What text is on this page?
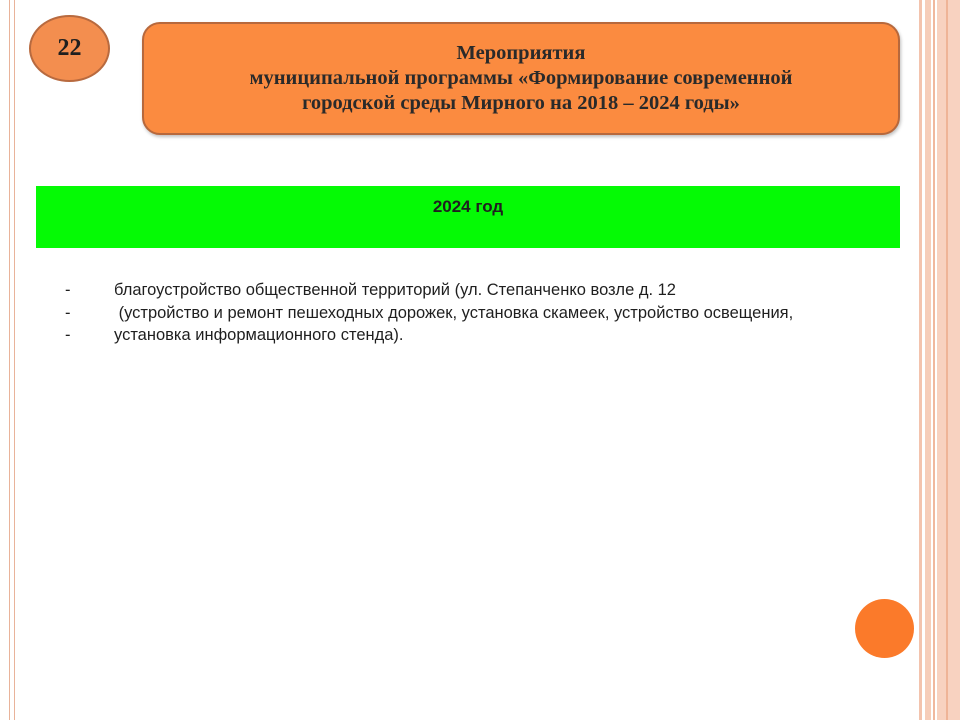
22	Мероприятия
муниципальной программы «Формирование современной
городской среды Мирного на 2018 – 2024 годы»
2024 год
-	благоустройство общественной территорий (ул. Степанченко возле д. 12
-	(устройство и ремонт пешеходных дорожек, установка скамеек, устройство освещения,
-	установка информационного стенда).
